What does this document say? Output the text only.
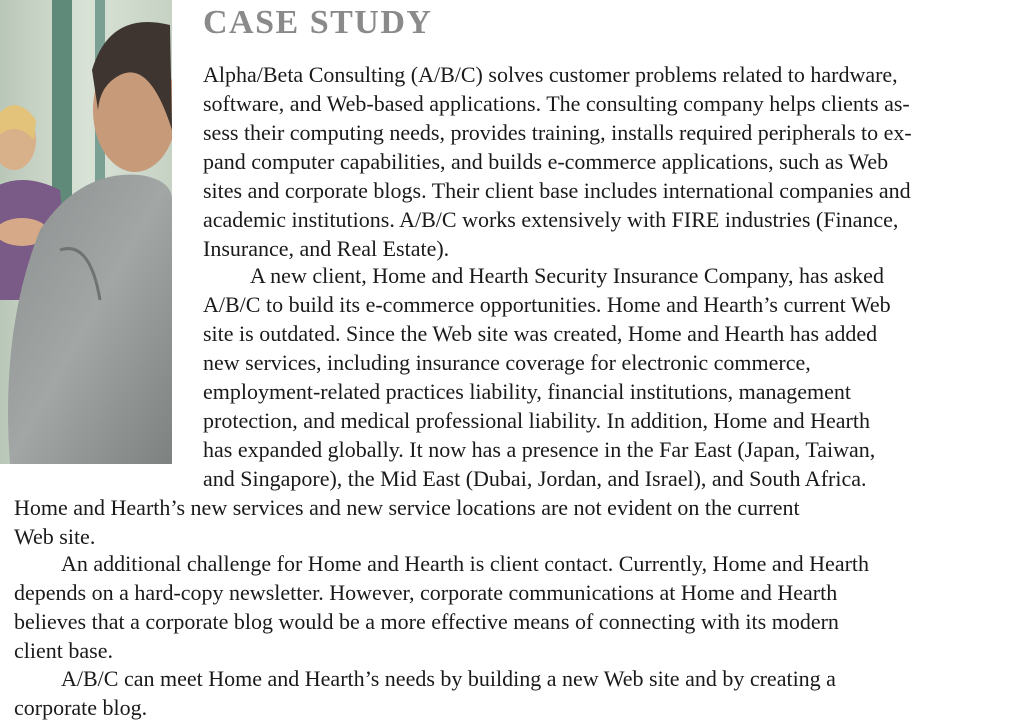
CASE STUDY

Alpha/Beta Consulting (A/B/C) solves customer problems related to hardware,
software, and Web-based applications. The consulting company helps clients as-
sess their computing needs, provides training, installs required peripherals to ex-
pand computer capabilities, and builds e-commerce applications, such as Web
sites and corporate blogs. Their client base includes international companies and
academic institutions. A/B/C works extensively with FIRE industries (Finance,
Insurance, and Real Estate).

A new client, Home and Hearth Security Insurance Company, has asked
A/B/C to build its e-commerce opportunities. Home and Hearth’s current Web
site is outdated. Since the Web site was created, Home and Hearth has added
new services, including insurance coverage for electronic commerce,
employment-related practices liability, financial institutions, management
protection, and medical professional liability. In addition, Home and Hearth
has expanded globally. It now has a presence in the Far East (Japan, Taiwan,
and Singapore), the Mid East (Dubai, Jordan, and Israel), and South Africa.
Home and Hearth’s new services and new service locations are not evident on the current
Web site.

An additional challenge for Home and Hearth is client contact. Currently, Home and Hearth
depends on a hard-copy newsletter. However, corporate communications at Home and Hearth
believes that a corporate blog would be a more effective means of connecting with its modern
client base.

A/B/C can meet Home and Hearth’s needs by building a new Web site and by creating a
corporate blog.
